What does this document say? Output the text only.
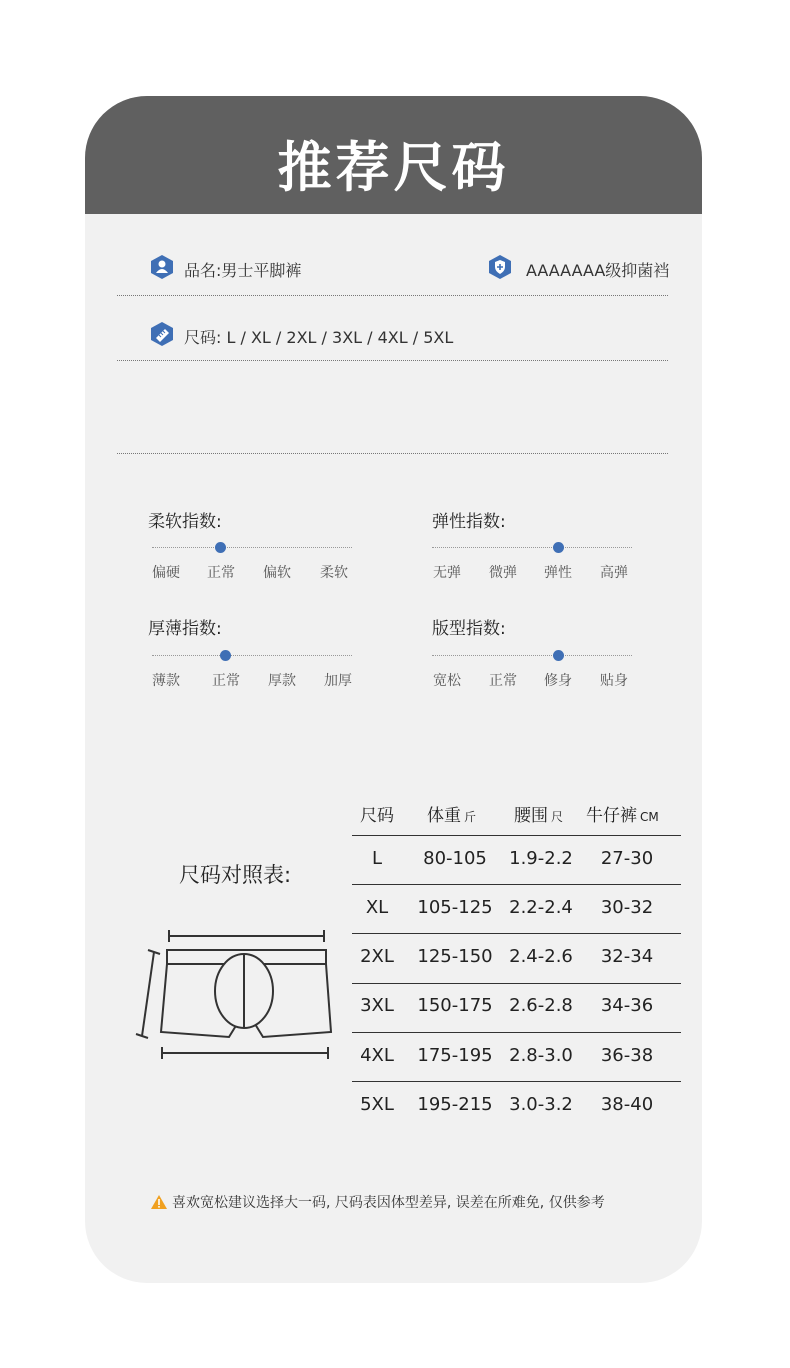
推荐尺码
品名:男士平脚裤	AAAAAAA级抑菌裆
尺码: L / XL / 2XL / 3XL / 4XL / 5XL
柔软指数:
偏硬 正常 偏软 柔软
弹性指数:
无弹 微弹 弹性 高弹
厚薄指数:
薄款 正常 厚款 加厚
版型指数:
宽松 正常 修身 贴身
尺码对照表:
尺码 体重 斤 腰围 尺 牛仔裤 CM
L 80-105 1.9-2.2 27-30
XL 105-125 2.2-2.4 30-32
2XL 125-150 2.4-2.6 32-34
3XL 150-175 2.6-2.8 34-36
4XL 175-195 2.8-3.0 36-38
5XL 195-215 3.0-3.2 38-40
喜欢宽松建议选择大一码, 尺码表因体型差异, 误差在所难免, 仅供参考
